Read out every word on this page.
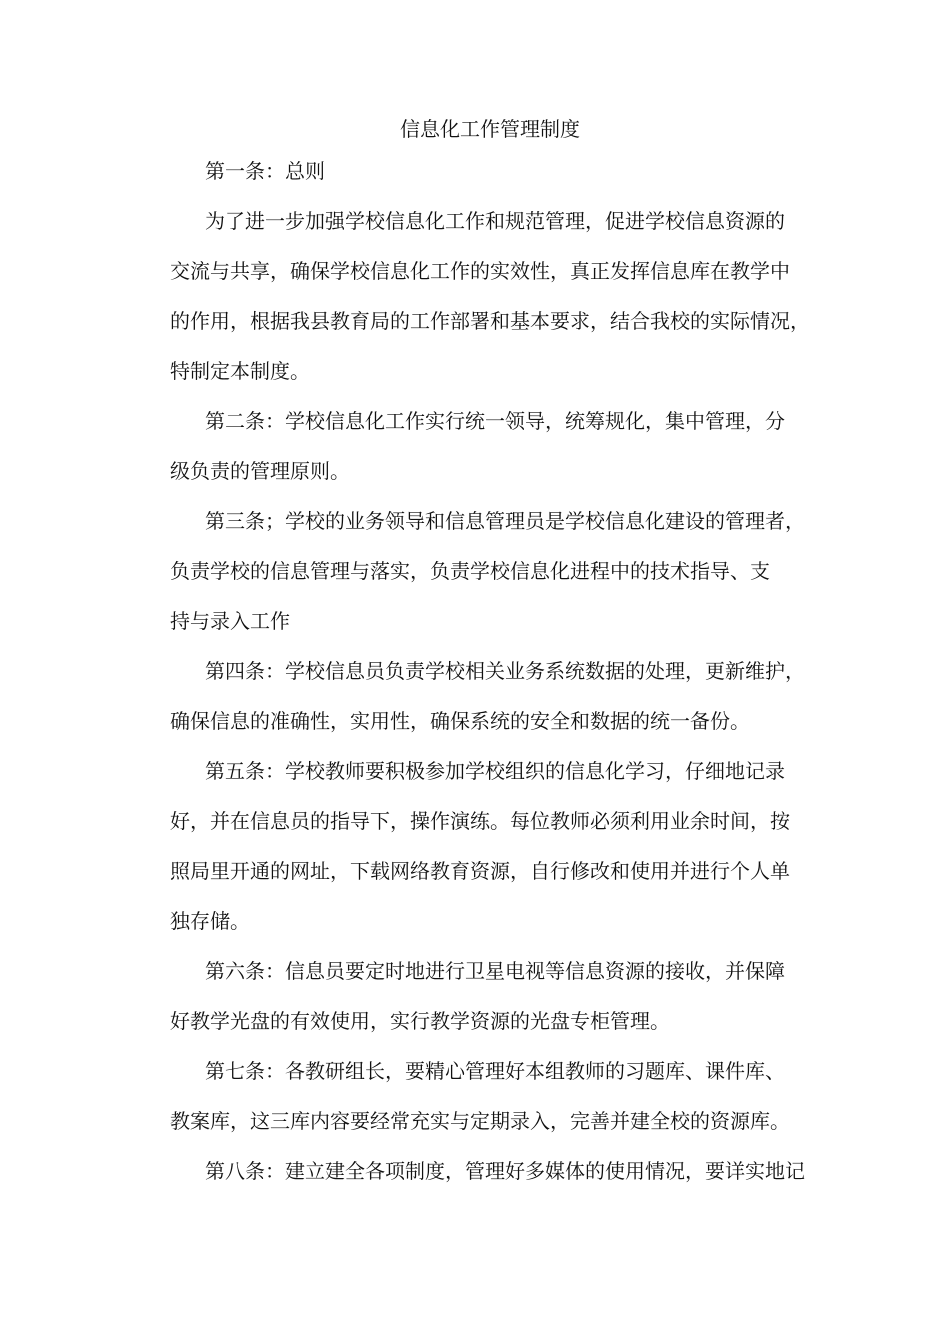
信息化工作管理制度
第一条：总则
为了进一步加强学校信息化工作和规范管理，促进学校信息资源的
交流与共享，确保学校信息化工作的实效性，真正发挥信息库在教学中
的作用，根据我县教育局的工作部署和基本要求，结合我校的实际情况，
特制定本制度。
第二条：学校信息化工作实行统一领导，统筹规化，集中管理，分
级负责的管理原则。
第三条；学校的业务领导和信息管理员是学校信息化建设的管理者，
负责学校的信息管理与落实，负责学校信息化进程中的技术指导、支
持与录入工作
第四条：学校信息员负责学校相关业务系统数据的处理，更新维护，
确保信息的准确性，实用性，确保系统的安全和数据的统一备份。
第五条：学校教师要积极参加学校组织的信息化学习，仔细地记录
好，并在信息员的指导下，操作演练。每位教师必须利用业余时间，按
照局里开通的网址，下载网络教育资源，自行修改和使用并进行个人单
独存储。
第六条：信息员要定时地进行卫星电视等信息资源的接收，并保障
好教学光盘的有效使用，实行教学资源的光盘专柜管理。
第七条：各教研组长，要精心管理好本组教师的习题库、课件库、
教案库，这三库内容要经常充实与定期录入，完善并建全校的资源库。
第八条：建立建全各项制度，管理好多媒体的使用情况，要详实地记
